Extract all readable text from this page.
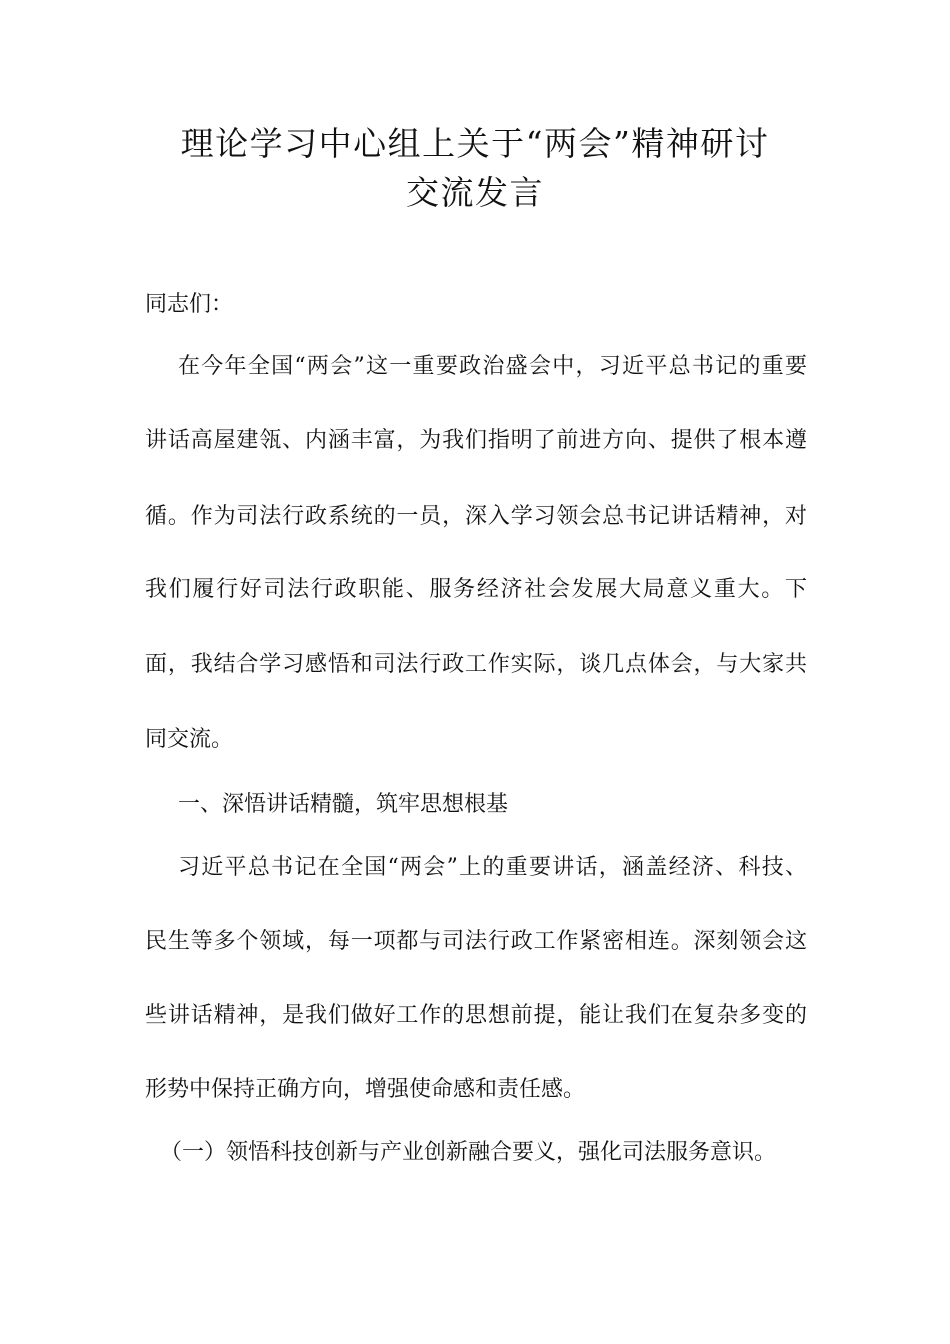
理论学习中心组上关于“两会”精神研讨
交流发言
同志们：
在今年全国“两会”这一重要政治盛会中，习近平总书记的重要
讲话高屋建瓴、内涵丰富，为我们指明了前进方向、提供了根本遵
循。作为司法行政系统的一员，深入学习领会总书记讲话精神，对
我们履行好司法行政职能、服务经济社会发展大局意义重大。下
面，我结合学习感悟和司法行政工作实际，谈几点体会，与大家共
同交流。
一、深悟讲话精髓，筑牢思想根基
习近平总书记在全国“两会”上的重要讲话，涵盖经济、科技、
民生等多个领域，每一项都与司法行政工作紧密相连。深刻领会这
些讲话精神，是我们做好工作的思想前提，能让我们在复杂多变的
形势中保持正确方向，增强使命感和责任感。
（一）领悟科技创新与产业创新融合要义，强化司法服务意识。
